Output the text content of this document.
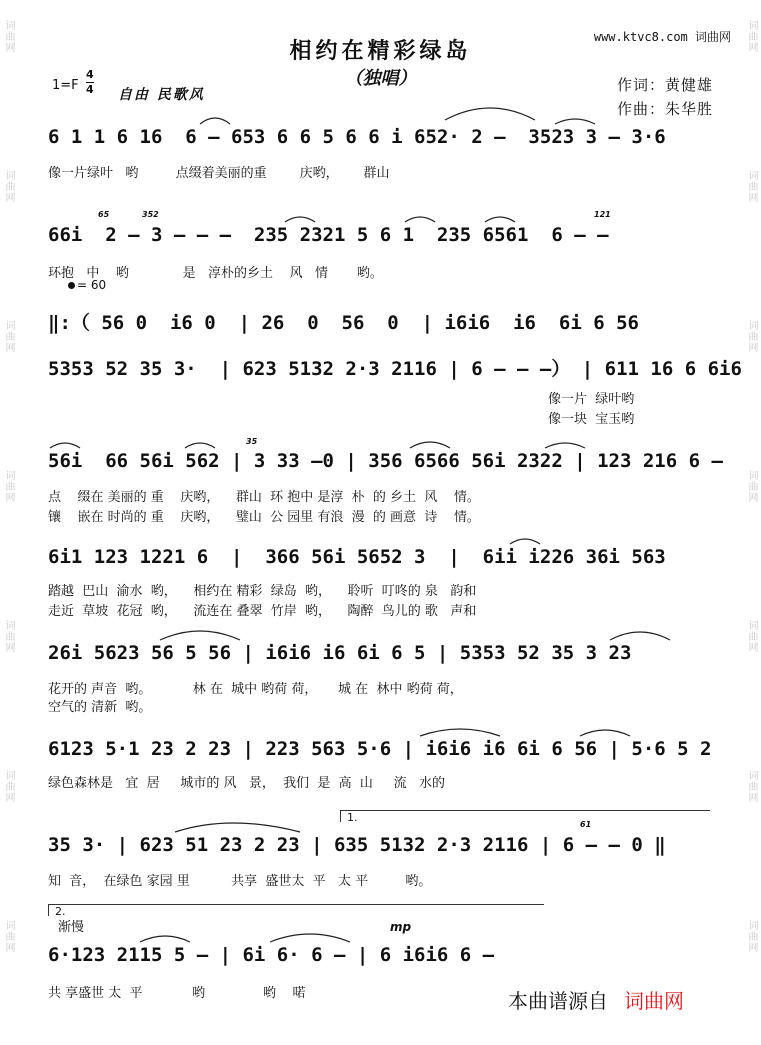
词曲网
词曲网
词曲网
词曲网
词曲网
词曲网
词曲网
词曲网
词曲网
词曲网
词曲网
词曲网
词曲网
词曲网
www.ktvc8.com 词曲网
相约在精彩绿岛
（独唱）
1=F
4
4 自由 民歌风
作词：黄健雄
作曲：朱华胜
= 60
6 1 1 6 16  6 – 653 6 6 5 6 6 i 652· 2 –  3523 3 – 3·6
像一片绿叶   哟         点缀着美丽的重        庆哟，      群山
66i  2 – 3 – – –  235 2321 5 6 1  235 6561  6 – –
65	352	121
环抱   中    哟             是   淳朴的乡土    风   情       哟。
‖:（ 56 0  i6 0  | 26  0  56  0  | i6i6  i6  6i 6 56
5353 52 35 3·  | 623 5132 2·3 2116 | 6 – – –） | 611 16 6 6i6
像一片  绿叶哟
像一块  宝玉哟
56i  66 56i 562 | 3 33 –0 | 356 6566 56i 2322 | 123 216 6 –
35
点    缀在 美丽的 重    庆哟，    群山  环 抱中 是淳  朴  的 乡土  风    情。
镶    嵌在 时尚的 重    庆哟，    璧山  公 园里 有浪  漫  的 画意  诗    情。
6i1 123 1221 6  |  366 56i 5652 3  |  6ii i226 36i 563
踏越  巴山  渝水  哟，    相约在 精彩  绿岛  哟，    聆听  叮咚的 泉   韵和
走近  草坡  花冠  哟，    流连在 叠翠  竹岸  哟，    陶醉  鸟儿的 歌   声和
26i 5623 56 5 56 | i6i6 i6 6i 6 5 | 5353 52 35 3 23
花开的 声音  哟。          林 在  城中 哟荷 荷，     城 在  林中 哟荷 荷，
空气的 清新  哟。
6123 5·1 23 2 23 | 223 563 5·6 | i6i6 i6 6i 6 56 | 5·6 5 2
绿色森林是   宜  居     城市的 风   景，  我们  是  高  山     流   水的
1.
35 3· | 623 51 23 2 23 | 635 5132 2·3 2116 | 6 – – 0 ‖
61
知  音，  在绿色 家园 里          共享  盛世太  平   太 平         哟。
2.
渐慢	mp
6·123 2115 5 – | 6i 6· 6 – | 6 i6i6 6 –
共 享盛世 太  平            哟              哟    喏	本曲谱源自 词曲网
